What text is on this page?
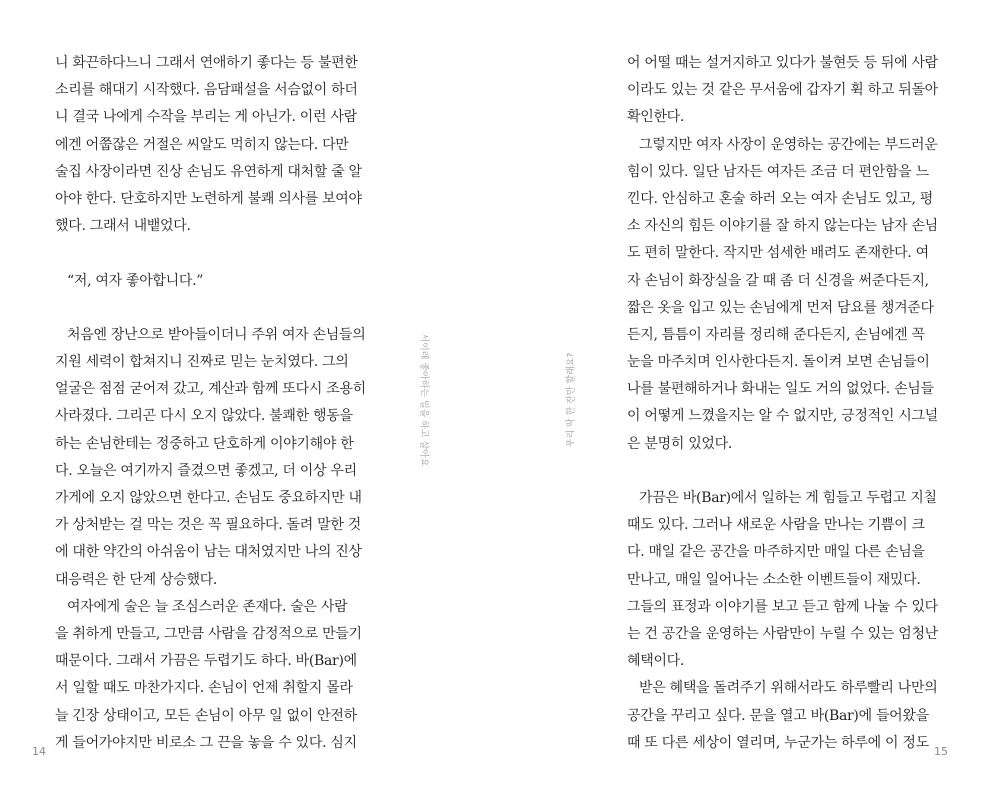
니 화끈하다느니 그래서 연애하기 좋다는 등 불편한
소리를 해대기 시작했다. 음담패설을 서슴없이 하더
니 결국 나에게 수작을 부리는 게 아닌가. 이런 사람
에겐 어쭙잖은 거절은 씨알도 먹히지 않는다. 다만
술집 사장이라면 진상 손님도 유연하게 대처할 줄 알
아야 한다. 단호하지만 노련하게 불쾌 의사를 보여야
했다. 그래서 내뱉었다.
“저, 여자 좋아합니다.”
처음엔 장난으로 받아들이더니 주위 여자 손님들의
지원 세력이 합쳐지니 진짜로 믿는 눈치였다. 그의
얼굴은 점점 굳어져 갔고, 계산과 함께 또다시 조용히
사라졌다. 그리곤 다시 오지 않았다. 불쾌한 행동을
하는 손님한테는 정중하고 단호하게 이야기해야 한
다. 오늘은 여기까지 즐겼으면 좋겠고, 더 이상 우리
가게에 오지 않았으면 한다고. 손님도 중요하지만 내
가 상처받는 걸 막는 것은 꼭 필요하다. 돌려 말한 것
에 대한 약간의 아쉬움이 남는 대처였지만 나의 진상
대응력은 한 단계 상승했다.
여자에게 술은 늘 조심스러운 존재다. 술은 사람
을 취하게 만들고, 그만큼 사람을 감정적으로 만들기
때문이다. 그래서 가끔은 두렵기도 하다. 바(Bar)에
서 일할 때도 마찬가지다. 손님이 언제 취할지 몰라
늘 긴장 상태이고, 모든 손님이 아무 일 없이 안전하
게 들어가야지만 비로소 그 끈을 놓을 수 있다. 심지
서이레 좋아하는 일을 하고 살아요
14
우리 딱 한 잔만 할래요?
어 어떨 때는 설거지하고 있다가 불현듯 등 뒤에 사람
이라도 있는 것 같은 무서움에 갑자기 휙 하고 뒤돌아
확인한다.
그렇지만 여자 사장이 운영하는 공간에는 부드러운
힘이 있다. 일단 남자든 여자든 조금 더 편안함을 느
낀다. 안심하고 혼술 하러 오는 여자 손님도 있고, 평
소 자신의 힘든 이야기를 잘 하지 않는다는 남자 손님
도 편히 말한다. 작지만 섬세한 배려도 존재한다. 여
자 손님이 화장실을 갈 때 좀 더 신경을 써준다든지,
짧은 옷을 입고 있는 손님에게 먼저 담요를 챙겨준다
든지, 틈틈이 자리를 정리해 준다든지, 손님에겐 꼭
눈을 마주치며 인사한다든지. 돌이켜 보면 손님들이
나를 불편해하거나 화내는 일도 거의 없었다. 손님들
이 어떻게 느꼈을지는 알 수 없지만, 긍정적인 시그널
은 분명히 있었다.
가끔은 바(Bar)에서 일하는 게 힘들고 두렵고 지칠
때도 있다. 그러나 새로운 사람을 만나는 기쁨이 크
다. 매일 같은 공간을 마주하지만 매일 다른 손님을
만나고, 매일 일어나는 소소한 이벤트들이 재밌다.
그들의 표정과 이야기를 보고 듣고 함께 나눌 수 있다
는 건 공간을 운영하는 사람만이 누릴 수 있는 엄청난
혜택이다.
받은 혜택을 돌려주기 위해서라도 하루빨리 나만의
공간을 꾸리고 싶다. 문을 열고 바(Bar)에 들어왔을
때 또 다른 세상이 열리며, 누군가는 하루에 이 정도
15
